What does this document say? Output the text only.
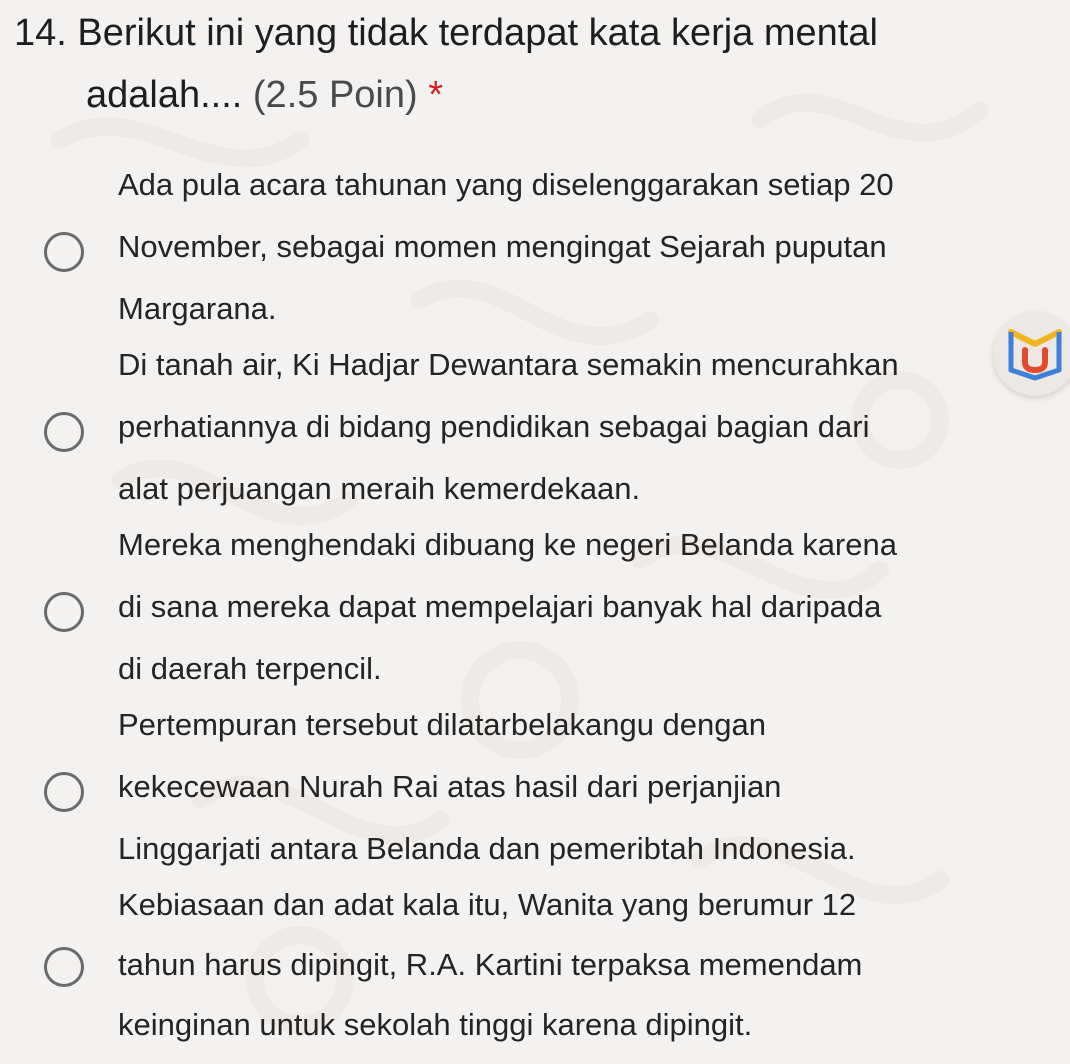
14. Berikut ini yang tidak terdapat kata kerja mental
adalah.... (2.5 Poin) *
Ada pula acara tahunan yang diselenggarakan setiap 20
November, sebagai momen mengingat Sejarah puputan
Margarana.
Di tanah air, Ki Hadjar Dewantara semakin mencurahkan
perhatiannya di bidang pendidikan sebagai bagian dari
alat perjuangan meraih kemerdekaan.
Mereka menghendaki dibuang ke negeri Belanda karena
di sana mereka dapat mempelajari banyak hal daripada
di daerah terpencil.
Pertempuran tersebut dilatarbelakangu dengan
kekecewaan Nurah Rai atas hasil dari perjanjian
Linggarjati antara Belanda dan pemeribtah Indonesia.
Kebiasaan dan adat kala itu, Wanita yang berumur 12
tahun harus dipingit, R.A. Kartini terpaksa memendam
keinginan untuk sekolah tinggi karena dipingit.
